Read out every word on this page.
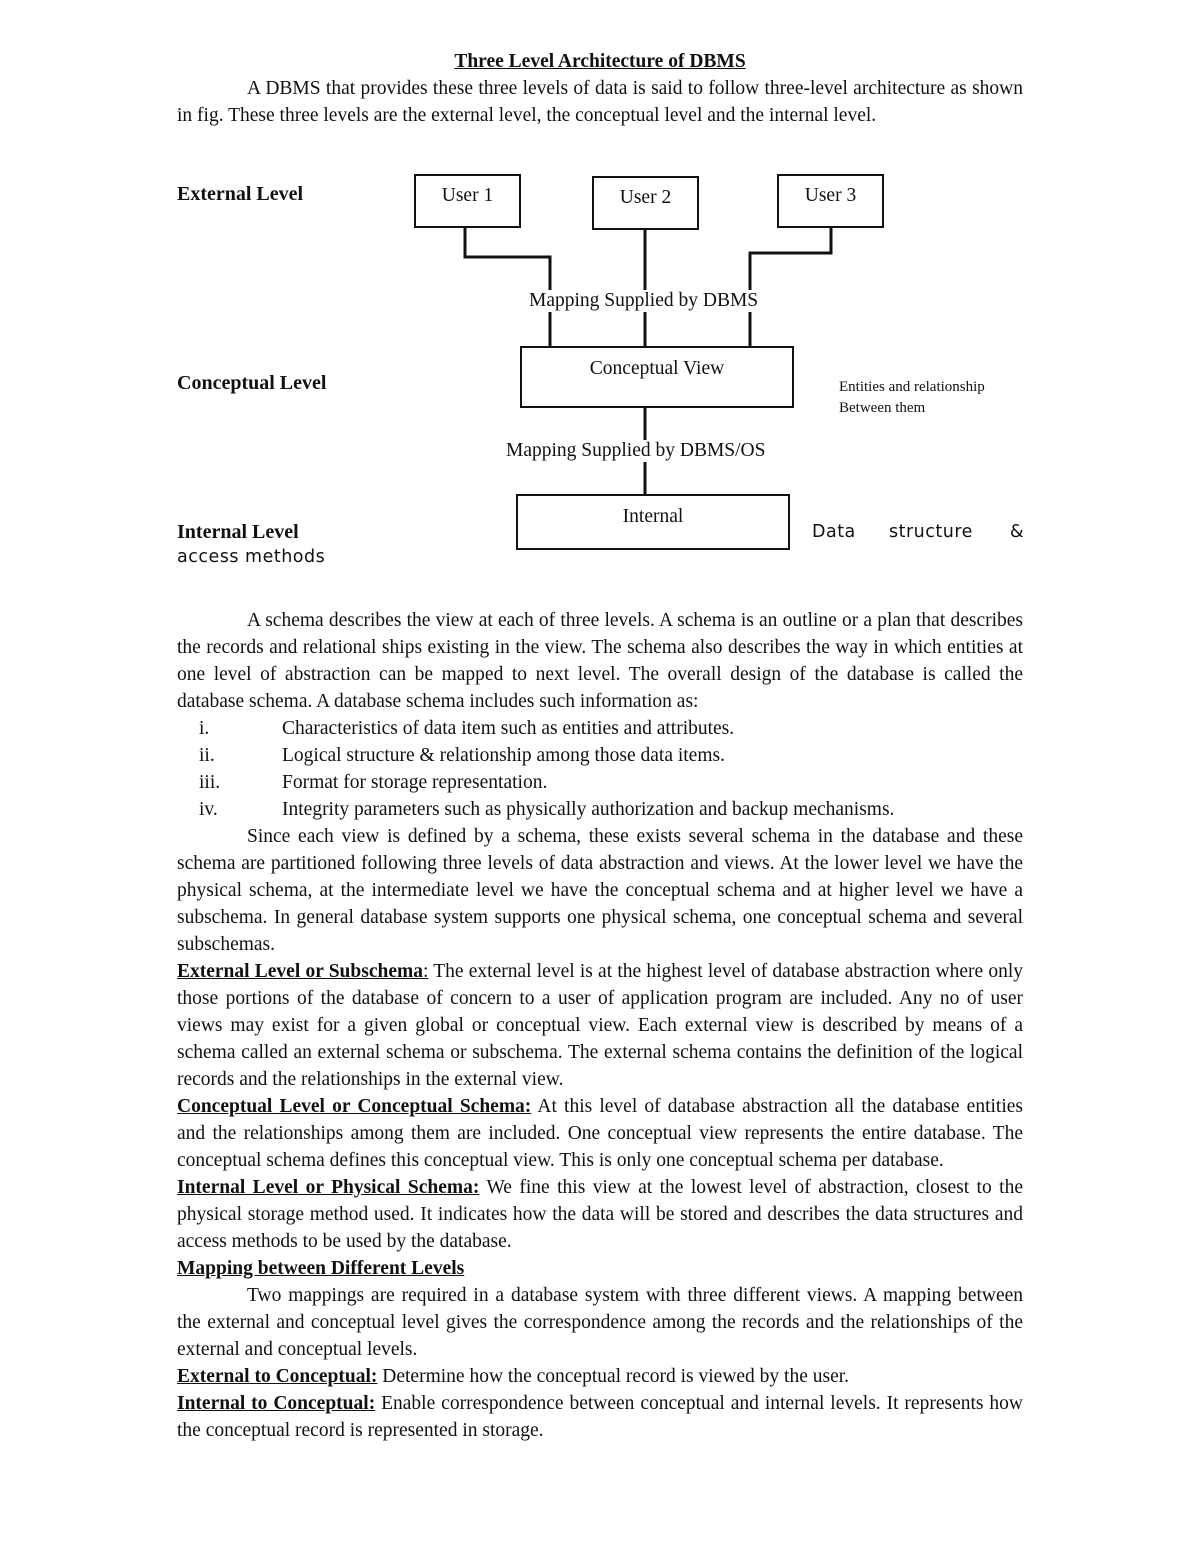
Three Level Architecture of DBMS
A DBMS that provides these three levels of data is said to follow three-level architecture as shown in fig. These three levels are the external level, the conceptual level and the internal level.
External Level
Conceptual Level
Internal Level
User 1	User 2	User 3
Mapping Supplied by DBMS
Conceptual View
Entities and relationship
Between them
Mapping Supplied by DBMS/OS
Internal
Data structure &
access methods
A schema describes the view at each of three levels. A schema is an outline or a plan that describes the records and relational ships existing in the view. The schema also describes the way in which entities at one level of abstraction can be mapped to next level. The overall design of the database is called the database schema. A database schema includes such information as:
i.	Characteristics of data item such as entities and attributes.
ii.	Logical structure & relationship among those data items.
iii.	Format for storage representation.
iv.	Integrity parameters such as physically authorization and backup mechanisms.
Since each view is defined by a schema, these exists several schema in the database and these schema are partitioned following three levels of data abstraction and views. At the lower level we have the physical schema, at the intermediate level we have the conceptual schema and at higher level we have a subschema. In general database system supports one physical schema, one conceptual schema and several subschemas.
External Level or Subschema: The external level is at the highest level of database abstraction where only those portions of the database of concern to a user of application program are included. Any no of user views may exist for a given global or conceptual view. Each external view is described by means of a schema called an external schema or subschema. The external schema contains the definition of the logical records and the relationships in the external view.
Conceptual Level or Conceptual Schema: At this level of database abstraction all the database entities and the relationships among them are included. One conceptual view represents the entire database. The conceptual schema defines this conceptual view. This is only one conceptual schema per database.
Internal Level or Physical Schema: We fine this view at the lowest level of abstraction, closest to the physical storage method used. It indicates how the data will be stored and describes the data structures and access methods to be used by the database.
Mapping between Different Levels
Two mappings are required in a database system with three different views. A mapping between the external and conceptual level gives the correspondence among the records and the relationships of the external and conceptual levels.
External to Conceptual: Determine how the conceptual record is viewed by the user.
Internal to Conceptual: Enable correspondence between conceptual and internal levels. It represents how the conceptual record is represented in storage.
